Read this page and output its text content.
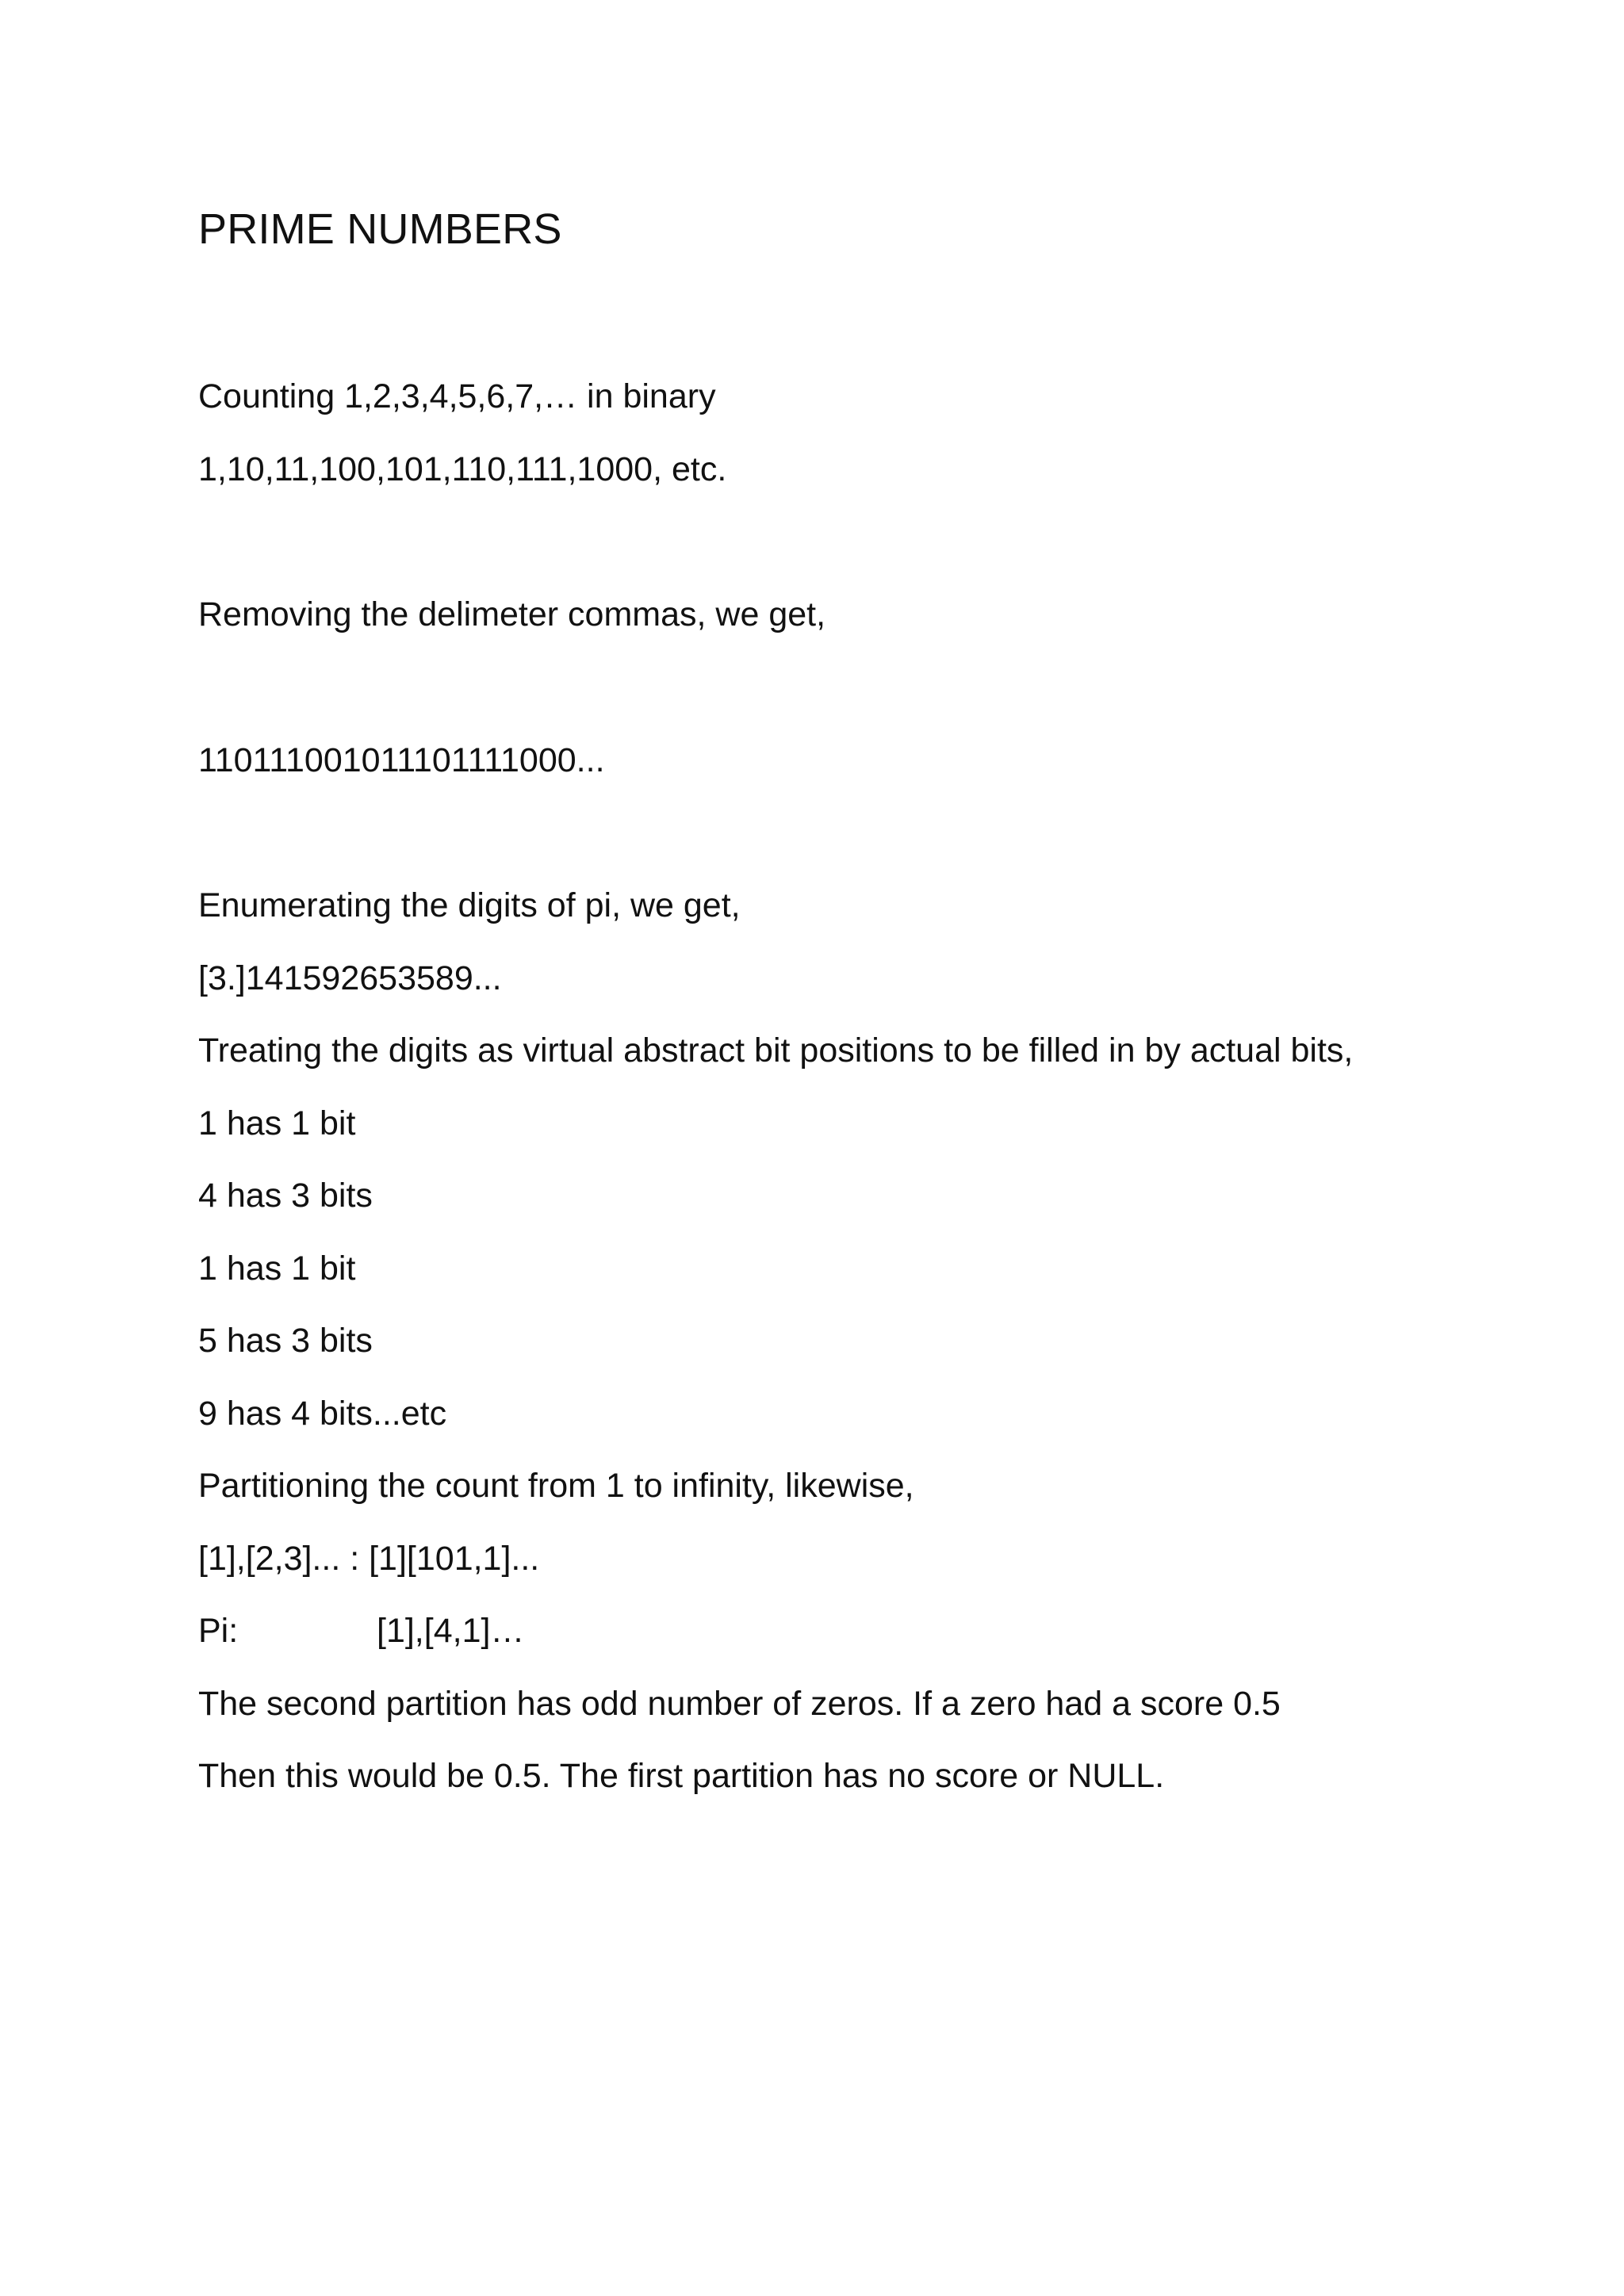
PRIME NUMBERS
Counting 1,2,3,4,5,6,7,… in binary
1,10,11,100,101,110,111,1000, etc.
Removing the delimeter commas, we get,
110111001011101111000...
Enumerating the digits of pi, we get,
[3.]141592653589...
Treating the digits as virtual abstract bit positions to be filled in by actual bits,
1 has 1 bit
4 has 3 bits
1 has 1 bit
5 has 3 bits
9 has 4 bits...etc
Partitioning the count from 1 to infinity, likewise,
[1],[2,3]... : [1][101,1]...
Pi:	[1],[4,1]…
The second partition has odd number of zeros. If a zero had a score 0.5
Then this would be 0.5. The first partition has no score or NULL.
